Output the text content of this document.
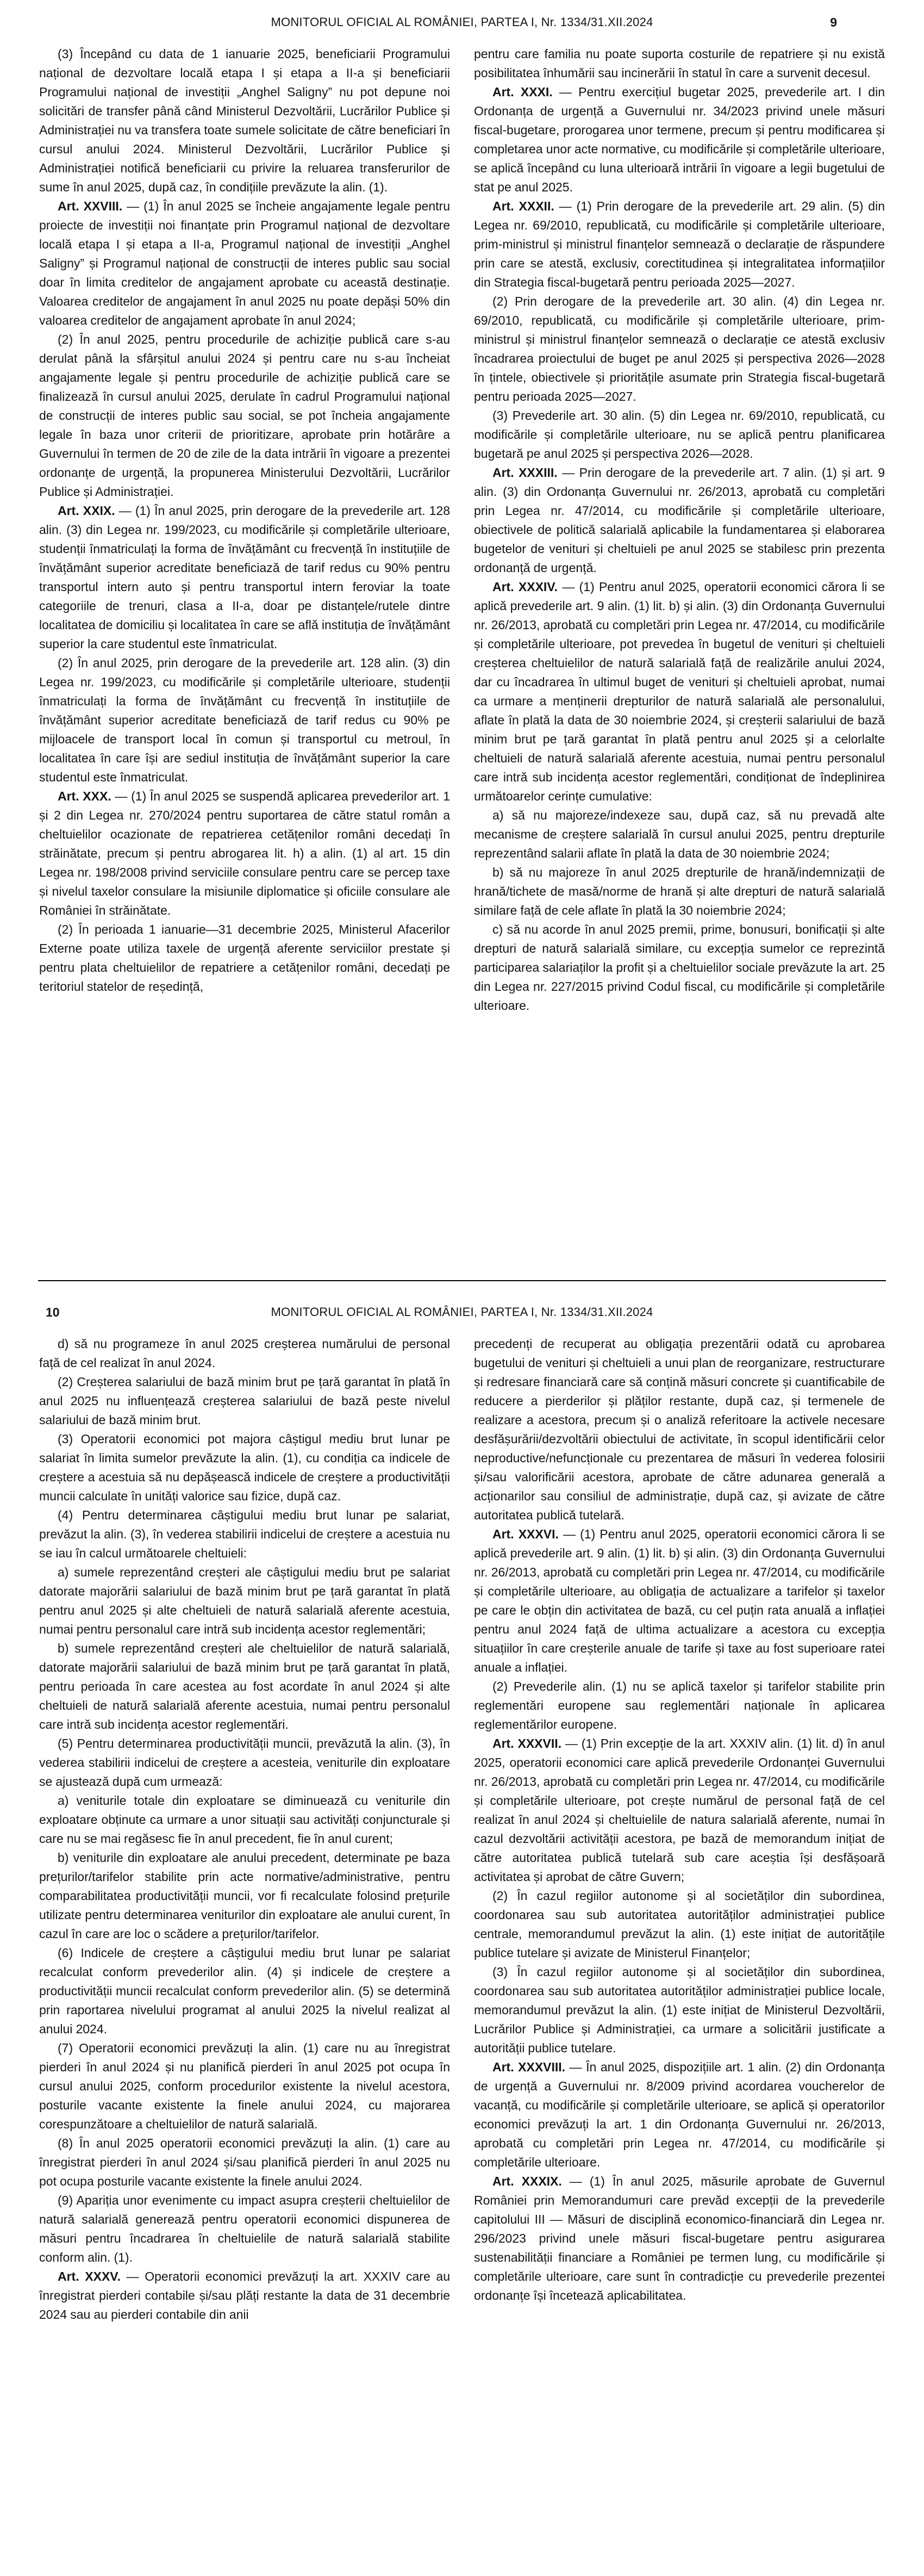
MONITORUL OFICIAL AL ROMÂNIEI, PARTEA I, Nr. 1334/31.XII.2024	9

(3) Începând cu data de 1 ianuarie 2025, beneficiarii Programului național de dezvoltare locală etapa I și etapa a II-a și beneficiarii Programului național de investiții „Anghel Saligny” nu pot depune noi solicitări de transfer până când Ministerul Dezvoltării, Lucrărilor Publice și Administrației nu va transfera toate sumele solicitate de către beneficiari în cursul anului 2024. Ministerul Dezvoltării, Lucrărilor Publice și Administrației notifică beneficiarii cu privire la reluarea transferurilor de sume în anul 2025, după caz, în condițiile prevăzute la alin. (1).

Art. XXVIII. — (1) În anul 2025 se încheie angajamente legale pentru proiecte de investiții noi finanțate prin Programul național de dezvoltare locală etapa I și etapa a II-a, Programul național de investiții „Anghel Saligny” și Programul național de construcții de interes public sau social doar în limita creditelor de angajament aprobate cu această destinație. Valoarea creditelor de angajament în anul 2025 nu poate depăși 50% din valoarea creditelor de angajament aprobate în anul 2024;

(2) În anul 2025, pentru procedurile de achiziție publică care s-au derulat până la sfârșitul anului 2024 și pentru care nu s-au încheiat angajamente legale și pentru procedurile de achiziție publică care se finalizează în cursul anului 2025, derulate în cadrul Programului național de construcții de interes public sau social, se pot încheia angajamente legale în baza unor criterii de prioritizare, aprobate prin hotărâre a Guvernului în termen de 20 de zile de la data intrării în vigoare a prezentei ordonanțe de urgență, la propunerea Ministerului Dezvoltării, Lucrărilor Publice și Administrației.

Art. XXIX. — (1) În anul 2025, prin derogare de la prevederile art. 128 alin. (3) din Legea nr. 199/2023, cu modificările și completările ulterioare, studenții înmatriculați la forma de învățământ cu frecvență în instituțiile de învățământ superior acreditate beneficiază de tarif redus cu 90% pentru transportul intern auto și pentru transportul intern feroviar la toate categoriile de trenuri, clasa a II-a, doar pe distanțele/rutele dintre localitatea de domiciliu și localitatea în care se află instituția de învățământ superior la care studentul este înmatriculat.

(2) În anul 2025, prin derogare de la prevederile art. 128 alin. (3) din Legea nr. 199/2023, cu modificările și completările ulterioare, studenții înmatriculați la forma de învățământ cu frecvență în instituțiile de învățământ superior acreditate beneficiază de tarif redus cu 90% pe mijloacele de transport local în comun și transportul cu metroul, în localitatea în care își are sediul instituția de învățământ superior la care studentul este înmatriculat.

Art. XXX. — (1) În anul 2025 se suspendă aplicarea prevederilor art. 1 și 2 din Legea nr. 270/2024 pentru suportarea de către statul român a cheltuielilor ocazionate de repatrierea cetățenilor români decedați în străinătate, precum și pentru abrogarea lit. h) a alin. (1) al art. 15 din Legea nr. 198/2008 privind serviciile consulare pentru care se percep taxe și nivelul taxelor consulare la misiunile diplomatice și oficiile consulare ale României în străinătate.

(2) În perioada 1 ianuarie—31 decembrie 2025, Ministerul Afacerilor Externe poate utiliza taxele de urgență aferente serviciilor prestate și pentru plata cheltuielilor de repatriere a cetățenilor români, decedați pe teritoriul statelor de reședință,

pentru care familia nu poate suporta costurile de repatriere și nu există posibilitatea înhumării sau incinerării în statul în care a survenit decesul.

Art. XXXI. — Pentru exercițiul bugetar 2025, prevederile art. I din Ordonanța de urgență a Guvernului nr. 34/2023 privind unele măsuri fiscal-bugetare, prorogarea unor termene, precum și pentru modificarea și completarea unor acte normative, cu modificările și completările ulterioare, se aplică începând cu luna ulterioară intrării în vigoare a legii bugetului de stat pe anul 2025.

Art. XXXII. — (1) Prin derogare de la prevederile art. 29 alin. (5) din Legea nr. 69/2010, republicată, cu modificările și completările ulterioare, prim-ministrul și ministrul finanțelor semnează o declarație de răspundere prin care se atestă, exclusiv, corectitudinea și integralitatea informațiilor din Strategia fiscal-bugetară pentru perioada 2025—2027.

(2) Prin derogare de la prevederile art. 30 alin. (4) din Legea nr. 69/2010, republicată, cu modificările și completările ulterioare, prim-ministrul și ministrul finanțelor semnează o declarație ce atestă exclusiv încadrarea proiectului de buget pe anul 2025 și perspectiva 2026—2028 în țintele, obiectivele și prioritățile asumate prin Strategia fiscal-bugetară pentru perioada 2025—2027.

(3) Prevederile art. 30 alin. (5) din Legea nr. 69/2010, republicată, cu modificările și completările ulterioare, nu se aplică pentru planificarea bugetară pe anul 2025 și perspectiva 2026—2028.

Art. XXXIII. — Prin derogare de la prevederile art. 7 alin. (1) și art. 9 alin. (3) din Ordonanța Guvernului nr. 26/2013, aprobată cu completări prin Legea nr. 47/2014, cu modificările și completările ulterioare, obiectivele de politică salarială aplicabile la fundamentarea și elaborarea bugetelor de venituri și cheltuieli pe anul 2025 se stabilesc prin prezenta ordonanță de urgență.

Art. XXXIV. — (1) Pentru anul 2025, operatorii economici cărora li se aplică prevederile art. 9 alin. (1) lit. b) și alin. (3) din Ordonanța Guvernului nr. 26/2013, aprobată cu completări prin Legea nr. 47/2014, cu modificările și completările ulterioare, pot prevedea în bugetul de venituri și cheltuieli creșterea cheltuielilor de natură salarială față de realizările anului 2024, dar cu încadrarea în ultimul buget de venituri și cheltuieli aprobat, numai ca urmare a menținerii drepturilor de natură salarială ale personalului, aflate în plată la data de 30 noiembrie 2024, și creșterii salariului de bază minim brut pe țară garantat în plată pentru anul 2025 și a celorlalte cheltuieli de natură salarială aferente acestuia, numai pentru personalul care intră sub incidența acestor reglementări, condiționat de îndeplinirea următoarelor cerințe cumulative:

a) să nu majoreze/indexeze sau, după caz, să nu prevadă alte mecanisme de creștere salarială în cursul anului 2025, pentru drepturile reprezentând salarii aflate în plată la data de 30 noiembrie 2024;

b) să nu majoreze în anul 2025 drepturile de hrană/indemnizații de hrană/tichete de masă/norme de hrană și alte drepturi de natură salarială similare față de cele aflate în plată la 30 noiembrie 2024;

c) să nu acorde în anul 2025 premii, prime, bonusuri, bonificații și alte drepturi de natură salarială similare, cu excepția sumelor ce reprezintă participarea salariaților la profit și a cheltuielilor sociale prevăzute la art. 25 din Legea nr. 227/2015 privind Codul fiscal, cu modificările și completările ulterioare.

10	MONITORUL OFICIAL AL ROMÂNIEI, PARTEA I, Nr. 1334/31.XII.2024

d) să nu programeze în anul 2025 creșterea numărului de personal față de cel realizat în anul 2024.

(2) Creșterea salariului de bază minim brut pe țară garantat în plată în anul 2025 nu influențează creșterea salariului de bază peste nivelul salariului de bază minim brut.

(3) Operatorii economici pot majora câștigul mediu brut lunar pe salariat în limita sumelor prevăzute la alin. (1), cu condiția ca indicele de creștere a acestuia să nu depășească indicele de creștere a productivității muncii calculate în unități valorice sau fizice, după caz.

(4) Pentru determinarea câștigului mediu brut lunar pe salariat, prevăzut la alin. (3), în vederea stabilirii indicelui de creștere a acestuia nu se iau în calcul următoarele cheltuieli:

a) sumele reprezentând creșteri ale câștigului mediu brut pe salariat datorate majorării salariului de bază minim brut pe țară garantat în plată pentru anul 2025 și alte cheltuieli de natură salarială aferente acestuia, numai pentru personalul care intră sub incidența acestor reglementări;

b) sumele reprezentând creșteri ale cheltuielilor de natură salarială, datorate majorării salariului de bază minim brut pe țară garantat în plată, pentru perioada în care acestea au fost acordate în anul 2024 și alte cheltuieli de natură salarială aferente acestuia, numai pentru personalul care intră sub incidența acestor reglementări.

(5) Pentru determinarea productivității muncii, prevăzută la alin. (3), în vederea stabilirii indicelui de creștere a acesteia, veniturile din exploatare se ajustează după cum urmează:

a) veniturile totale din exploatare se diminuează cu veniturile din exploatare obținute ca urmare a unor situații sau activități conjuncturale și care nu se mai regăsesc fie în anul precedent, fie în anul curent;

b) veniturile din exploatare ale anului precedent, determinate pe baza prețurilor/tarifelor stabilite prin acte normative/administrative, pentru comparabilitatea productivității muncii, vor fi recalculate folosind prețurile utilizate pentru determinarea veniturilor din exploatare ale anului curent, în cazul în care are loc o scădere a prețurilor/tarifelor.

(6) Indicele de creștere a câștigului mediu brut lunar pe salariat recalculat conform prevederilor alin. (4) și indicele de creștere a productivității muncii recalculat conform prevederilor alin. (5) se determină prin raportarea nivelului programat al anului 2025 la nivelul realizat al anului 2024.

(7) Operatorii economici prevăzuți la alin. (1) care nu au înregistrat pierderi în anul 2024 și nu planifică pierderi în anul 2025 pot ocupa în cursul anului 2025, conform procedurilor existente la nivelul acestora, posturile vacante existente la finele anului 2024, cu majorarea corespunzătoare a cheltuielilor de natură salarială.

(8) În anul 2025 operatorii economici prevăzuți la alin. (1) care au înregistrat pierderi în anul 2024 și/sau planifică pierderi în anul 2025 nu pot ocupa posturile vacante existente la finele anului 2024.

(9) Apariția unor evenimente cu impact asupra creșterii cheltuielilor de natură salarială generează pentru operatorii economici dispunerea de măsuri pentru încadrarea în cheltuielile de natură salarială stabilite conform alin. (1).

Art. XXXV. — Operatorii economici prevăzuți la art. XXXIV care au înregistrat pierderi contabile și/sau plăți restante la data de 31 decembrie 2024 sau au pierderi contabile din anii

precedenți de recuperat au obligația prezentării odată cu aprobarea bugetului de venituri și cheltuieli a unui plan de reorganizare, restructurare și redresare financiară care să conțină măsuri concrete și cuantificabile de reducere a pierderilor și plăților restante, după caz, și termenele de realizare a acestora, precum și o analiză referitoare la activele necesare desfășurării/dezvoltării obiectului de activitate, în scopul identificării celor neproductive/nefuncționale cu prezentarea de măsuri în vederea folosirii și/sau valorificării acestora, aprobate de către adunarea generală a acționarilor sau consiliul de administrație, după caz, și avizate de către autoritatea publică tutelară.

Art. XXXVI. — (1) Pentru anul 2025, operatorii economici cărora li se aplică prevederile art. 9 alin. (1) lit. b) și alin. (3) din Ordonanța Guvernului nr. 26/2013, aprobată cu completări prin Legea nr. 47/2014, cu modificările și completările ulterioare, au obligația de actualizare a tarifelor și taxelor pe care le obțin din activitatea de bază, cu cel puțin rata anuală a inflației pentru anul 2024 față de ultima actualizare a acestora cu excepția situațiilor în care creșterile anuale de tarife și taxe au fost superioare ratei anuale a inflației.

(2) Prevederile alin. (1) nu se aplică taxelor și tarifelor stabilite prin reglementări europene sau reglementări naționale în aplicarea reglementărilor europene.

Art. XXXVII. — (1) Prin excepție de la art. XXXIV alin. (1) lit. d) în anul 2025, operatorii economici care aplică prevederile Ordonanței Guvernului nr. 26/2013, aprobată cu completări prin Legea nr. 47/2014, cu modificările și completările ulterioare, pot crește numărul de personal față de cel realizat în anul 2024 și cheltuielile de natura salarială aferente, numai în cazul dezvoltării activității acestora, pe bază de memorandum inițiat de către autoritatea publică tutelară sub care aceștia își desfășoară activitatea și aprobat de către Guvern;

(2) În cazul regiilor autonome și al societăților din subordinea, coordonarea sau sub autoritatea autorităților administrației publice centrale, memorandumul prevăzut la alin. (1) este inițiat de autoritățile publice tutelare și avizate de Ministerul Finanțelor;

(3) În cazul regiilor autonome și al societăților din subordinea, coordonarea sau sub autoritatea autorităților administrației publice locale, memorandumul prevăzut la alin. (1) este inițiat de Ministerul Dezvoltării, Lucrărilor Publice și Administrației, ca urmare a solicitării justificate a autorității publice tutelare.

Art. XXXVIII. — În anul 2025, dispozițiile art. 1 alin. (2) din Ordonanța de urgență a Guvernului nr. 8/2009 privind acordarea voucherelor de vacanță, cu modificările și completările ulterioare, se aplică și operatorilor economici prevăzuți la art. 1 din Ordonanța Guvernului nr. 26/2013, aprobată cu completări prin Legea nr. 47/2014, cu modificările și completările ulterioare.

Art. XXXIX. — (1) În anul 2025, măsurile aprobate de Guvernul României prin Memorandumuri care prevăd excepții de la prevederile capitolului III — Măsuri de disciplină economico-financiară din Legea nr. 296/2023 privind unele măsuri fiscal-bugetare pentru asigurarea sustenabilității financiare a României pe termen lung, cu modificările și completările ulterioare, care sunt în contradicție cu prevederile prezentei ordonanțe își încetează aplicabilitatea.
